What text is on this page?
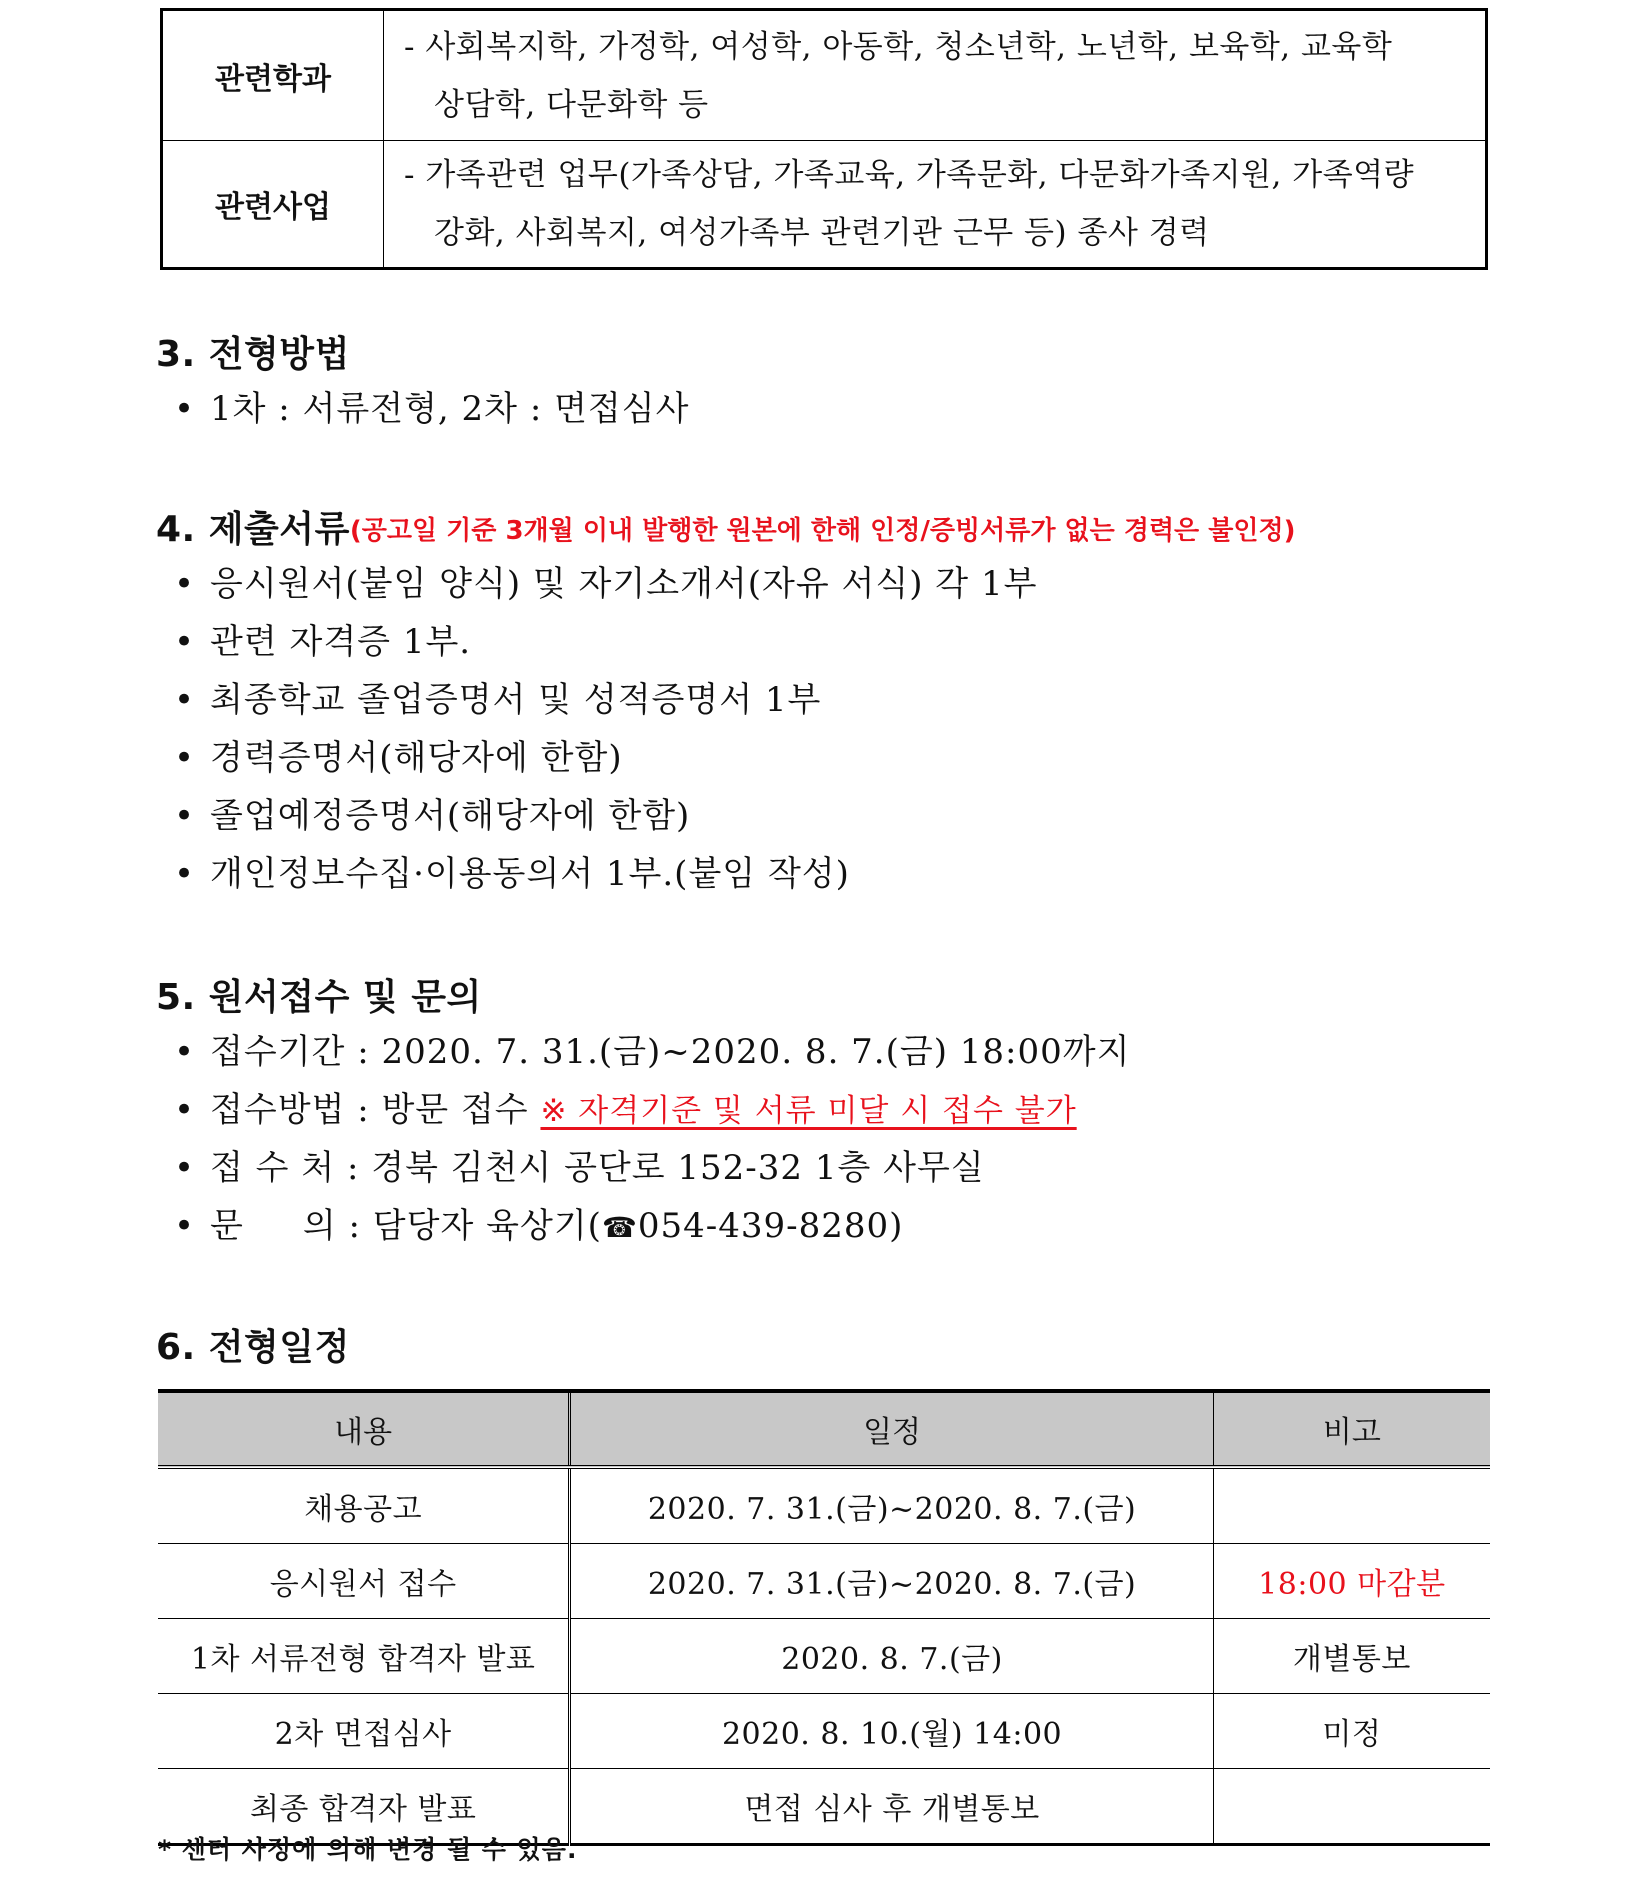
관련학과	- 사회복지학, 가정학, 여성학, 아동학, 청소년학, 노년학, 보육학, 교육학
상담학, 다문화학 등

관련사업	- 가족관련 업무(가족상담, 가족교육, 가족문화, 다문화가족지원, 가족역량
강화, 사회복지, 여성가족부 관련기관 근무 등) 종사 경력
3. 전형방법
• 1차 : 서류전형, 2차 : 면접심사
4. 제출서류(공고일 기준 3개월 이내 발행한 원본에 한해 인정/증빙서류가 없는 경력은 불인정)
• 응시원서(붙임 양식) 및 자기소개서(자유 서식) 각 1부
• 관련 자격증 1부.
• 최종학교 졸업증명서 및 성적증명서 1부
• 경력증명서(해당자에 한함)
• 졸업예정증명서(해당자에 한함)
• 개인정보수집·이용동의서 1부.(붙임 작성)
5. 원서접수 및 문의
• 접수기간 : 2020. 7. 31.(금)~2020. 8. 7.(금) 18:00까지
• 접수방법 : 방문 접수 ※ 자격기준 및 서류 미달 시 접수 불가
• 접 수 처 : 경북 김천시 공단로 152-32 1층 사무실
• 문     의 : 담당자 육상기(☎054-439-8280)
6. 전형일정
내용	일정	비고
채용공고	2020. 7. 31.(금)~2020. 8. 7.(금)	
응시원서 접수	2020. 7. 31.(금)~2020. 8. 7.(금)	18:00 마감분
1차 서류전형 합격자 발표	2020. 8. 7.(금)	개별통보
2차 면접심사	2020. 8. 10.(월) 14:00	미정
최종 합격자 발표	면접 심사 후 개별통보	
* 센터 사정에 의해 변경 될 수 있음.
